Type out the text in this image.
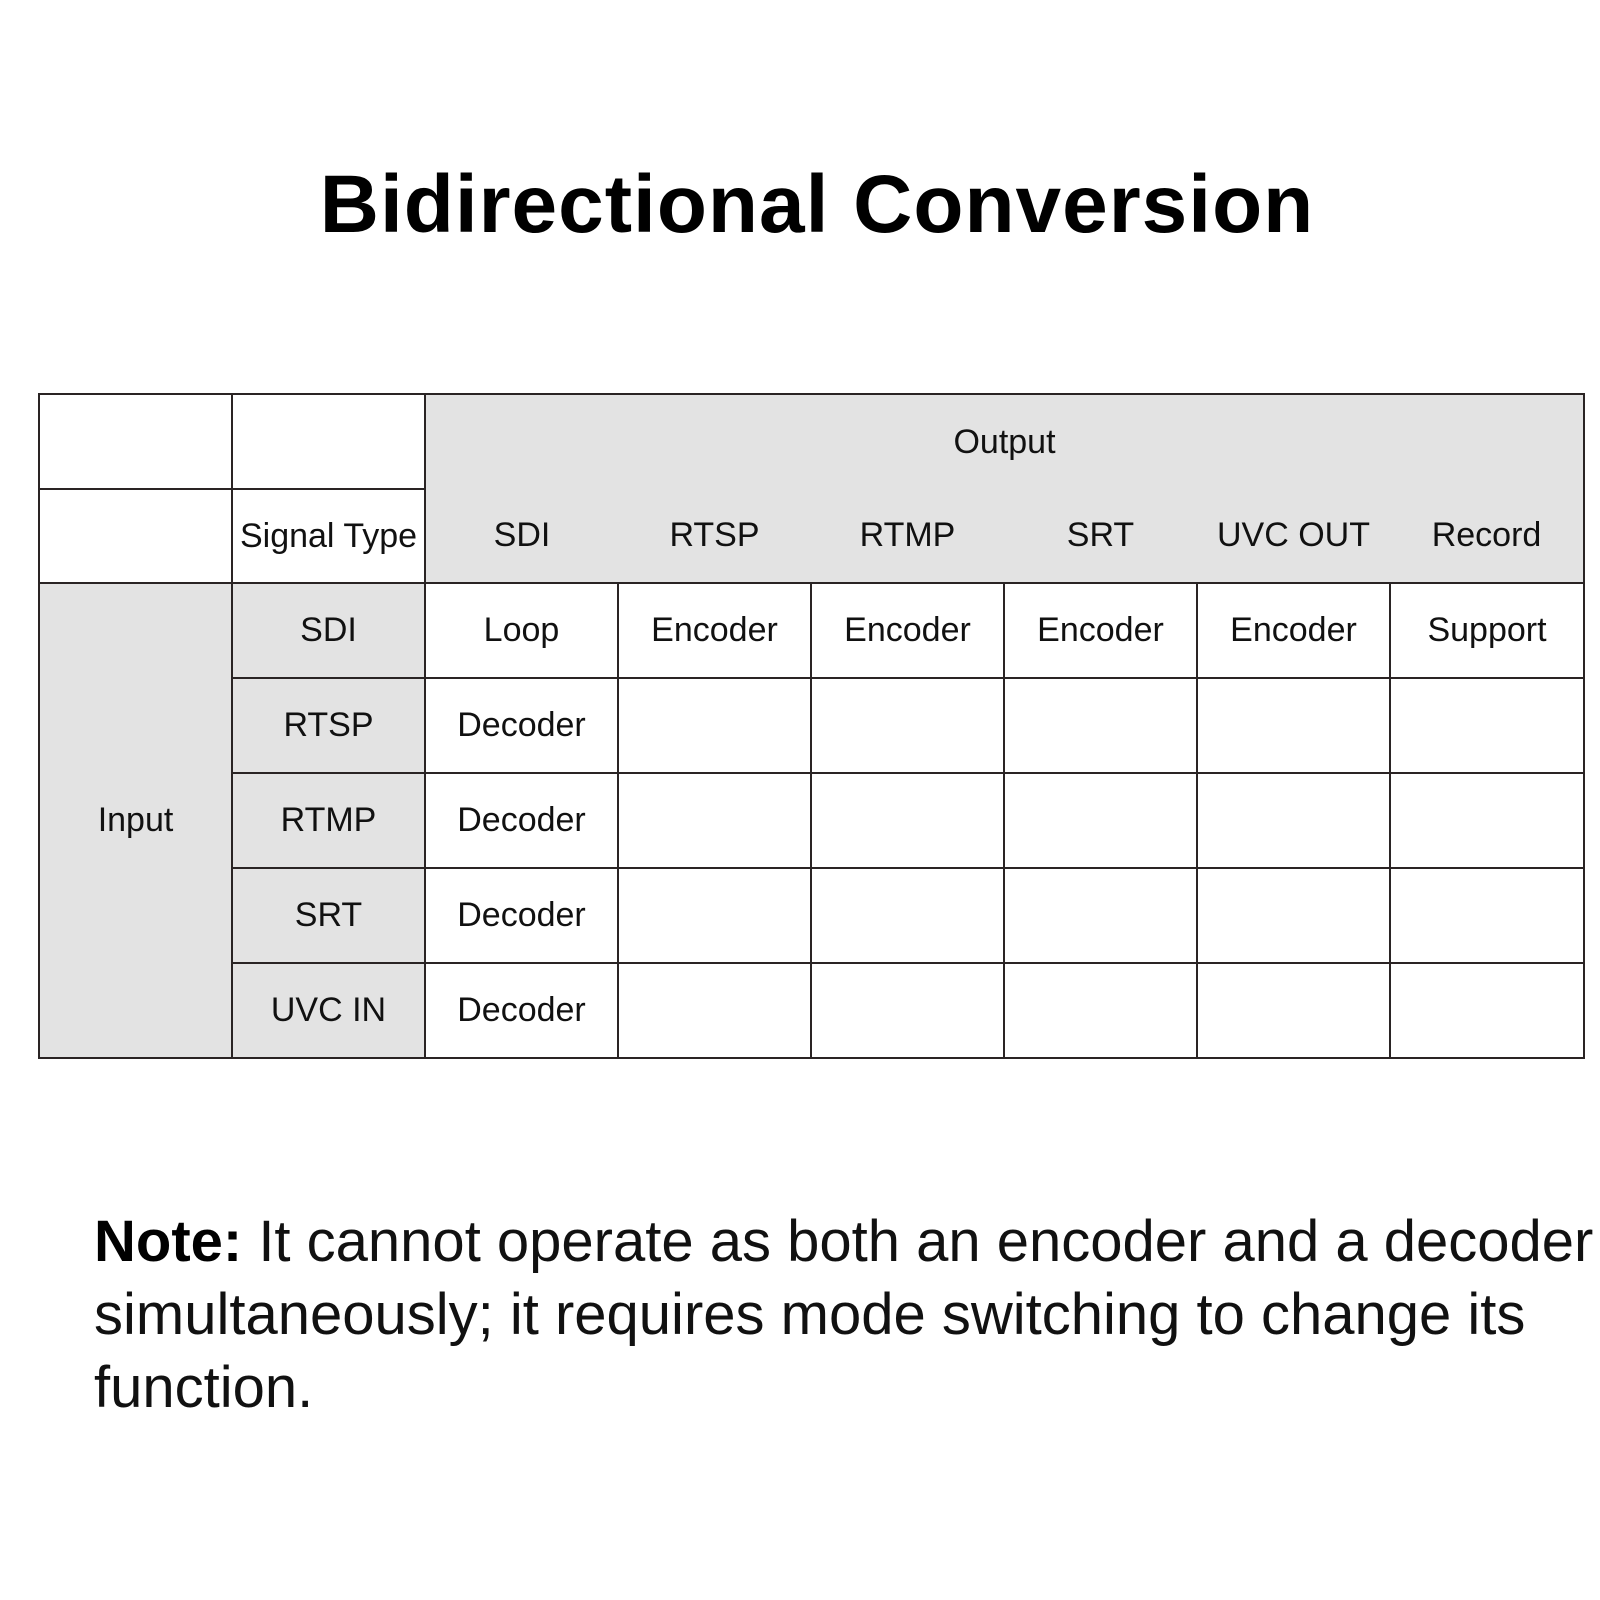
Bidirectional Conversion
		Output					
	Signal Type	SDI	RTSP	RTMP	SRT	UVC OUT	Record
Input	SDI	Loop	Encoder	Encoder	Encoder	Encoder	Support
	RTSP	Decoder					
	RTMP	Decoder					
	SRT	Decoder					
	UVC IN	Decoder					
Note: It cannot operate as both an encoder and a decoder simultaneously; it requires mode switching to change its function.
